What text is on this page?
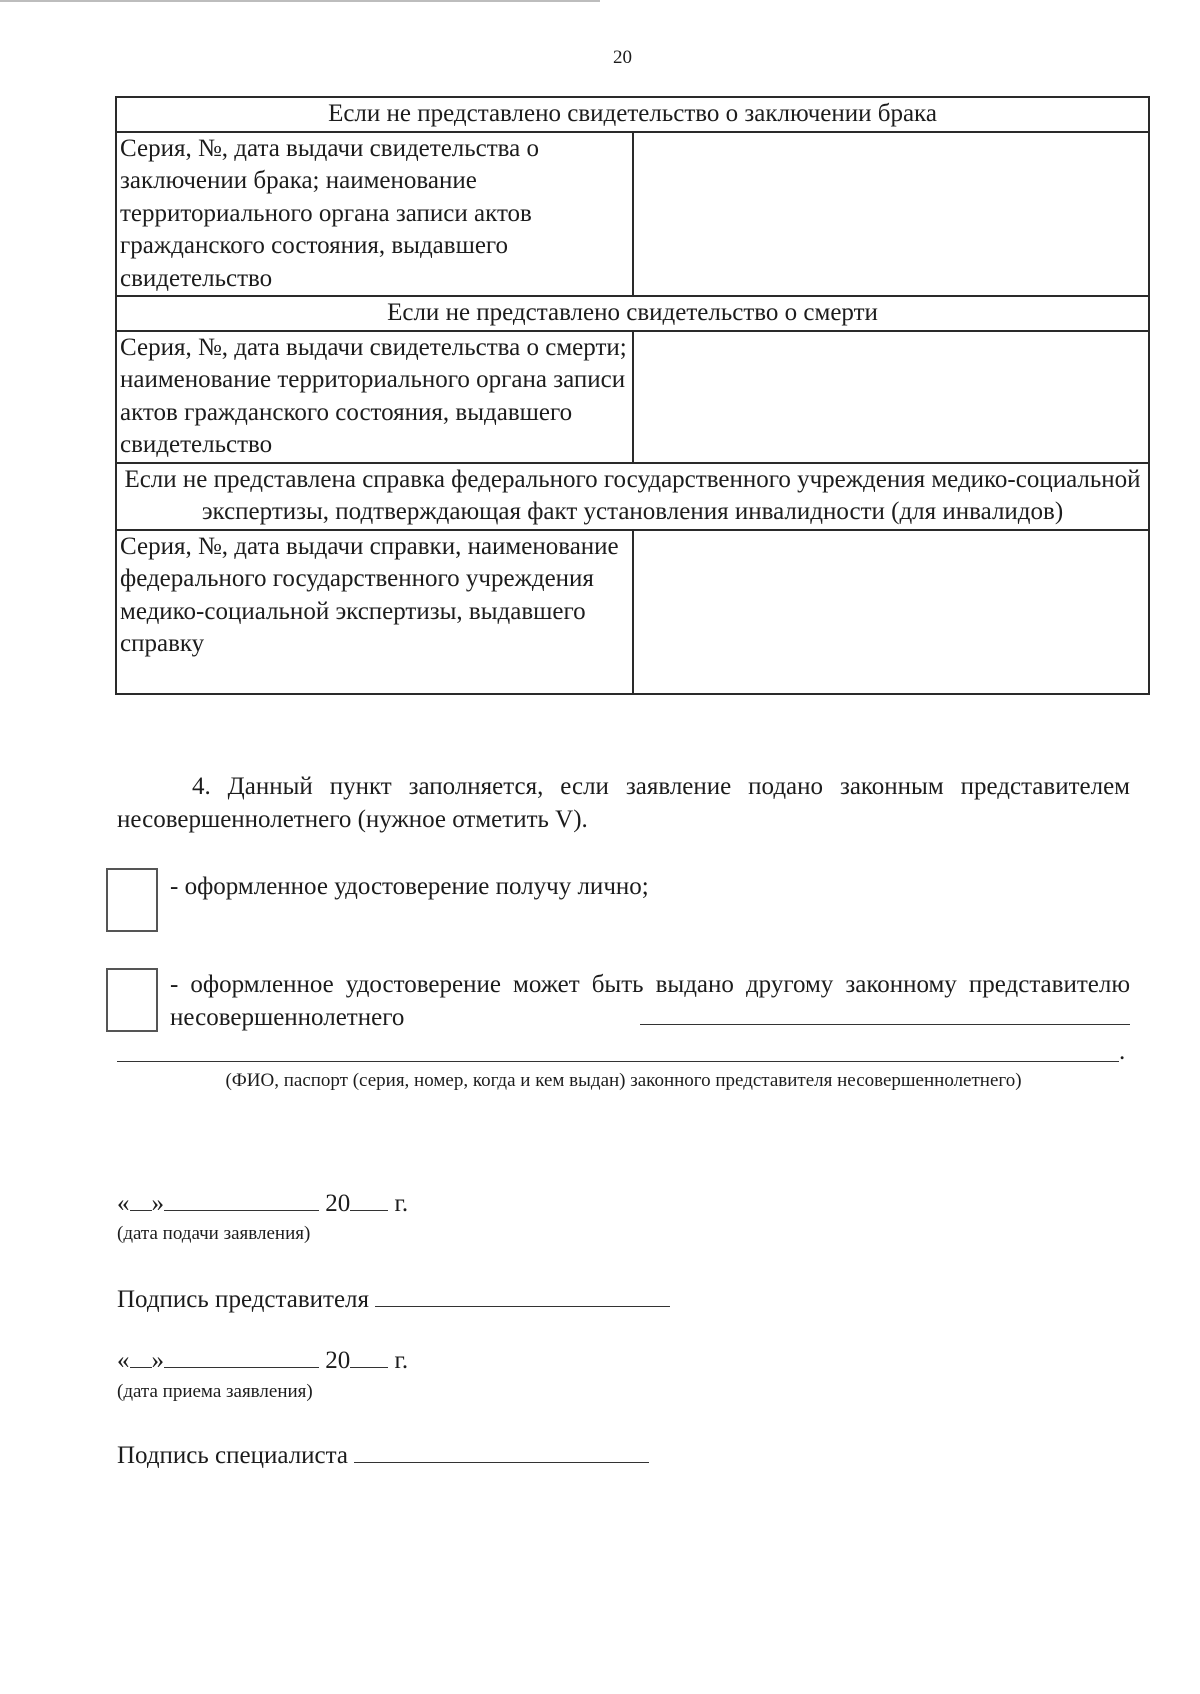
20
Если не представлено свидетельство о заключении брака	
Серия, №, дата выдачи свидетельства о заключении брака; наименование территориального органа записи актов гражданского состояния, выдавшего свидетельство	
Если не представлено свидетельство о смерти	
Серия, №, дата выдачи свидетельства о смерти; наименование территориального органа записи актов гражданского состояния, выдавшего свидетельство	
Если не представлена справка федерального государственного учреждения медико-социальной экспертизы, подтверждающая факт установления инвалидности (для инвалидов)	
Серия, №, дата выдачи справки, наименование федерального государственного учреждения медико-социальной экспертизы, выдавшего справку	
4. Данный пункт заполняется, если заявление подано законным представителем несовершеннолетнего (нужное отметить V).
- оформленное удостоверение получу лично;
- оформленное удостоверение может быть выдано другому законному представителю несовершеннолетнего
.
(ФИО, паспорт (серия, номер, когда и кем выдан) законного представителя несовершеннолетнего)
« »	20 г.
(дата подачи заявления)
Подпись представителя
« »	20 г.
(дата приема заявления)
Подпись специалиста
